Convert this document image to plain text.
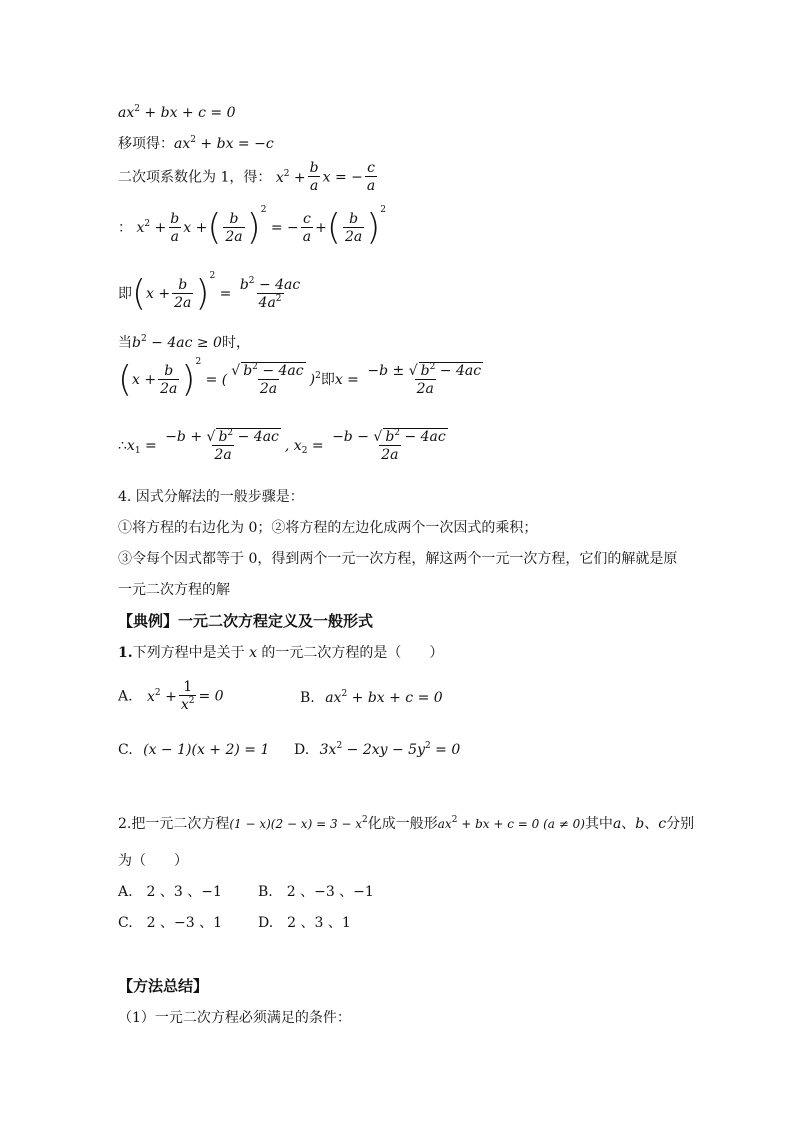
$ax^2$ + bx + c = 0
移项得：$ax^2$ + bx = −c
二次项系数化为 1，得： $x^2 + \frac{b}{a}$ x = − $\frac{c}{a}$
： $x^2 + \frac{b}{a}$ x +( $\frac{b}{2a} )^2$ = − $\frac{c}{a}$ +( $\frac{b}{2a} )^2$
即$(x + \frac{b}{2a} )^2 = \frac{b^2 - 4ac}{4a^2}$
当$b^2 - 4ac \ge 0$时，
$(x + \frac{b}{2a} )^2$ = ( $\frac{√ b^2 - 4ac}{2a} )^2$即$x = \frac{-b \pm √ b^2 - 4ac}{2a}$
$\therefore x_1 = \frac{-b + √ b^2 - 4ac}{2a}$ , $x_2 = \frac{-b - √ b^2 - 4ac}{2a}$
4. 因式分解法的一般步骤是：
①将方程的右边化为 0；②将方程的左边化成两个一次因式的乘积；
③令每个因式都等于 0，得到两个一元一次方程，解这两个一元一次方程，它们的解就是原
一元二次方程的解
【典例】一元二次方程定义及一般形式
1.下列方程中是关于 x 的一元二次方程的是（　　）
A. $x^2 + \frac{1}{x^2} = 0$	B. $ax^2$ + bx + c = 0
C. (x − 1)(x + 2) = 1 D. $3x^2 - 2xy - 5y^2 = 0$
2.把一元二次方程$(1 - x)(2 - x) = 3 - x^2$化成一般形$ax^2$ + bx + c = 0 (a ≠ 0)其中a、b、c分别
为（　　）
A.　2 、3 、−1	B.　2 、−3 、−1
C.　2 、−3 、1	D.　2 、3 、1
【方法总结】
（1）一元二次方程必须满足的条件：
